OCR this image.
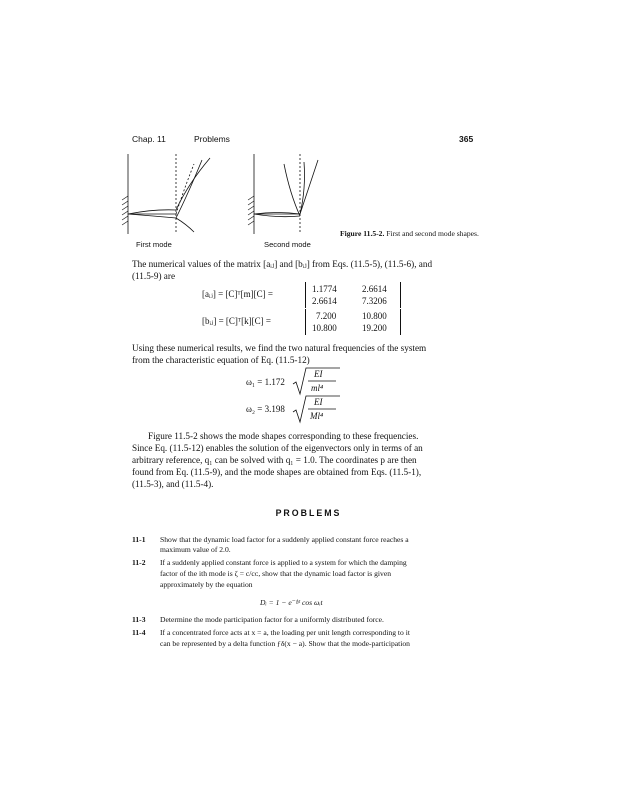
Chap. 11	Problems	365
First mode	Second mode
Figure 11.5-2. First and second mode shapes.
The numerical values of the matrix [aᵢⱼ] and [bᵢⱼ] from Eqs. (11.5-5), (11.5-6), and
(11.5-9) are
[aᵢⱼ] = [C]ᵀ[m][C] =	1.1774	2.6614
2.6614	7.3206
[bᵢⱼ] = [C]ᵀ[k][C] =	7.200	10.800
10.800	19.200
Using these numerical results, we find the two natural frequencies of the system
from the characteristic equation of Eq. (11.5-12)
ω₁ = 1.172
EI
ml⁴
ω₂ = 3.198
EI
Ml⁴
Figure 11.5-2 shows the mode shapes corresponding to these frequencies.
Since Eq. (11.5-12) enables the solution of the eigenvectors only in terms of an
arbitrary reference, q₁ can be solved with q₁ = 1.0. The coordinates p are then
found from Eq. (11.5-9), and the mode shapes are obtained from Eqs. (11.5-1),
(11.5-3), and (11.5-4).
PROBLEMS
11-1 Show that the dynamic load factor for a suddenly applied constant force reaches a
maximum value of 2.0.
11-2 If a suddenly applied constant force is applied to a system for which the damping
factor of the ith mode is ζ = c/cᴄ, show that the dynamic load factor is given
approximately by the equation
Dᵢ = 1 − e⁻ᶠᵞᵗ cos ωᵢt
11-3 Determine the mode participation factor for a uniformly distributed force.
11-4 If a concentrated force acts at x = a, the loading per unit length corresponding to it
can be represented by a delta function ƒδ(x − a). Show that the mode-participation
